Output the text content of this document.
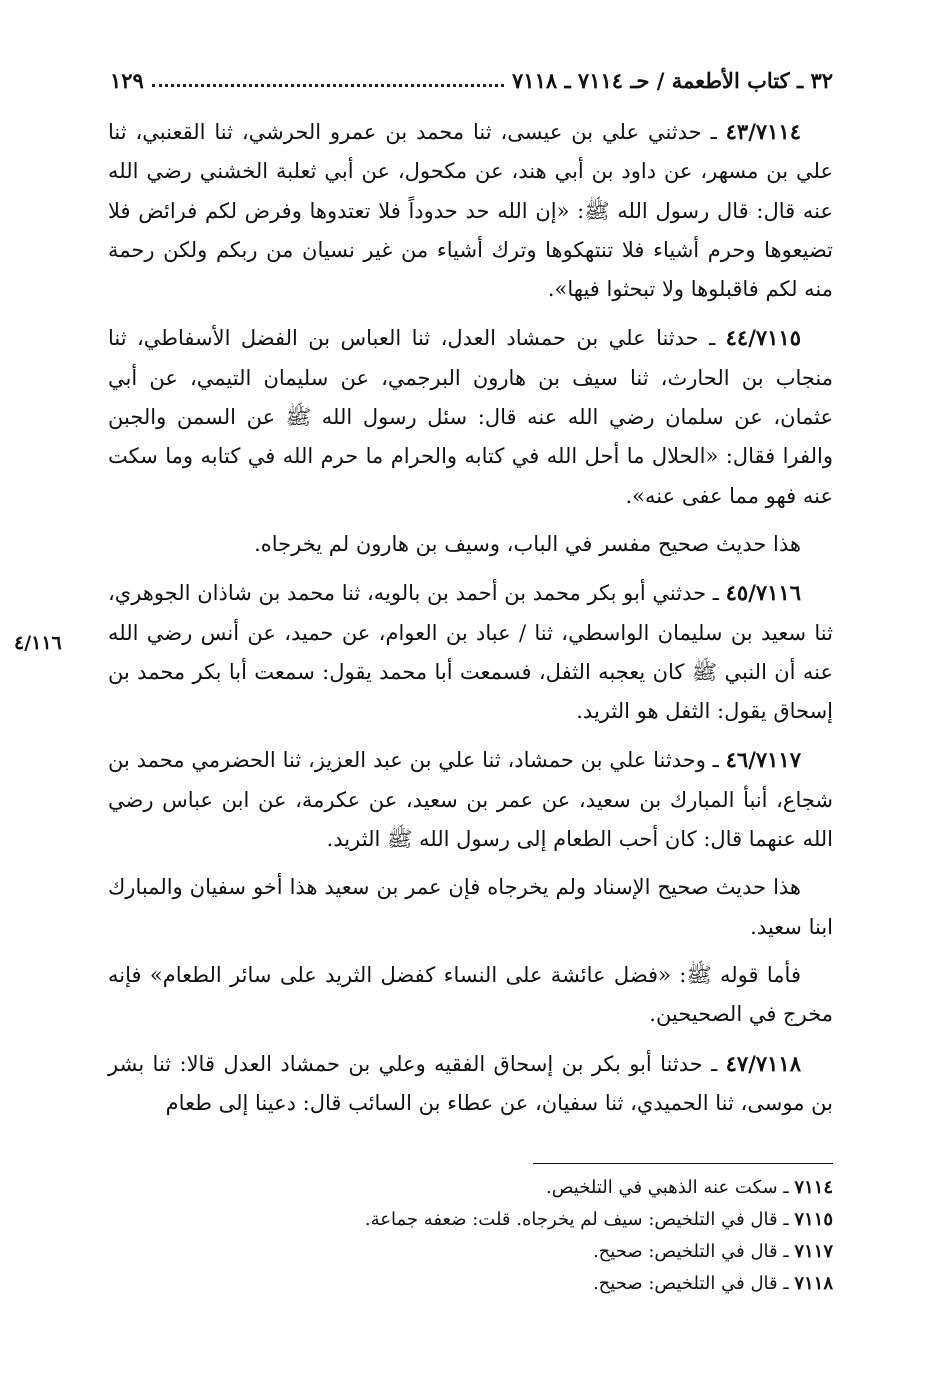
٣٢ ـ كتاب الأطعمة / حـ ٧١١٤ ـ ٧١١٨
١٢٩

٤٣/٧١١٤ ـ حدثني علي بن عيسى، ثنا محمد بن عمرو الحرشي، ثنا القعنبي، ثنا علي بن مسهر، عن داود بن أبي هند، عن مكحول، عن أبي ثعلبة الخشني رضي الله عنه قال: قال رسول الله ﷺ: «إن الله حد حدوداً فلا تعتدوها وفرض لكم فرائض فلا تضيعوها وحرم أشياء فلا تنتهكوها وترك أشياء من غير نسيان من ربكم ولكن رحمة منه لكم فاقبلوها ولا تبحثوا فيها».

٤٤/٧١١٥ ـ حدثنا علي بن حمشاد العدل، ثنا العباس بن الفضل الأسفاطي، ثنا منجاب بن الحارث، ثنا سيف بن هارون البرجمي، عن سليمان التيمي، عن أبي عثمان، عن سلمان رضي الله عنه قال: سئل رسول الله ﷺ عن السمن والجبن والفرا فقال: «الحلال ما أحل الله في كتابه والحرام ما حرم الله في كتابه وما سكت عنه فهو مما عفى عنه».

هذا حديث صحيح مفسر في الباب، وسيف بن هارون لم يخرجاه.

٤٥/٧١١٦ ـ حدثني أبو بكر محمد بن أحمد بن بالويه، ثنا محمد بن شاذان الجوهري، ثنا سعيد بن سليمان الواسطي، ثنا / عباد بن العوام، عن حميد، عن أنس رضي الله عنه أن النبي ﷺ كان يعجبه الثفل، فسمعت أبا محمد يقول: سمعت أبا بكر محمد بن إسحاق يقول: الثفل هو الثريد.

٤٦/٧١١٧ ـ وحدثنا علي بن حمشاد، ثنا علي بن عبد العزيز، ثنا الحضرمي محمد بن شجاع، أنبأ المبارك بن سعيد، عن عمر بن سعيد، عن عكرمة، عن ابن عباس رضي الله عنهما قال: كان أحب الطعام إلى رسول الله ﷺ الثريد.

هذا حديث صحيح الإسناد ولم يخرجاه فإن عمر بن سعيد هذا أخو سفيان والمبارك ابنا سعيد.

فأما قوله ﷺ: «فضل عائشة على النساء كفضل الثريد على سائر الطعام» فإنه مخرج في الصحيحين.

٤٧/٧١١٨ ـ حدثنا أبو بكر بن إسحاق الفقيه وعلي بن حمشاد العدل قالا: ثنا بشر بن موسى، ثنا الحميدي، ثنا سفيان، عن عطاء بن السائب قال: دعينا إلى طعام

٤/١١٦
٧١١٤ ـ سكت عنه الذهبي في التلخيص.
٧١١٥ ـ قال في التلخيص: سيف لم يخرجاه. قلت: ضعفه جماعة.
٧١١٧ ـ قال في التلخيص: صحيح.
٧١١٨ ـ قال في التلخيص: صحيح.
